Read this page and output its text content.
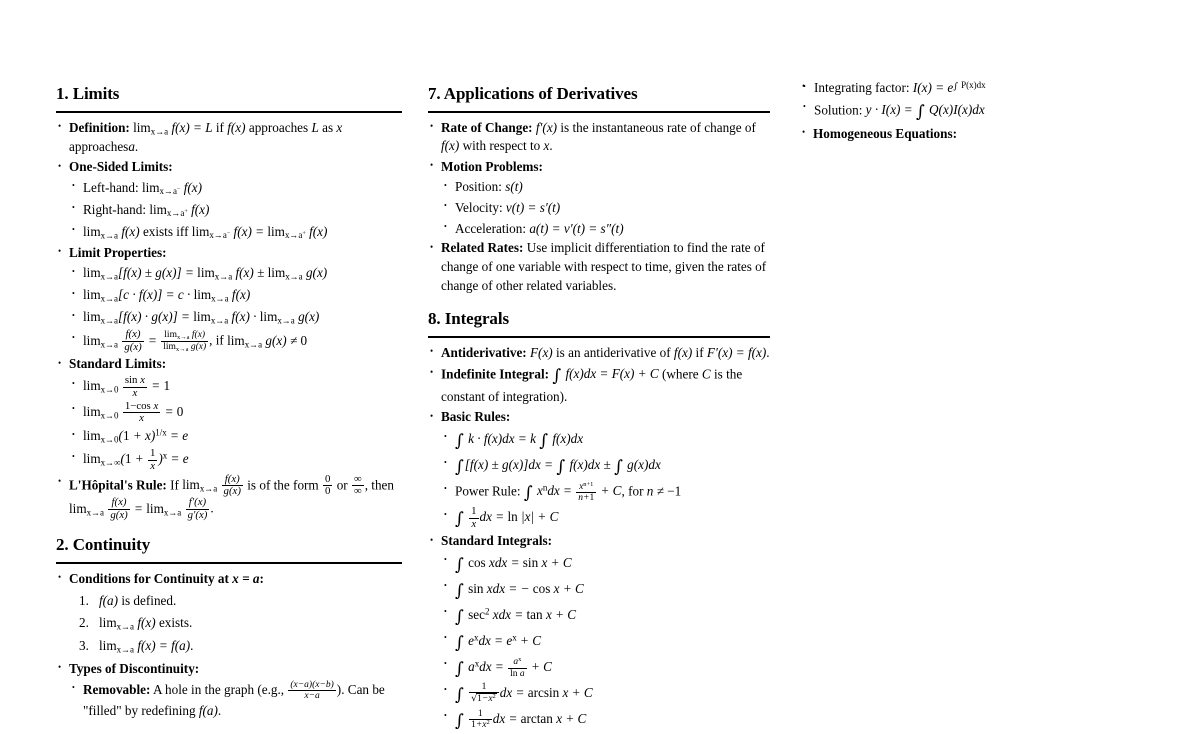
1. Limits
• Definition: $\lim_{x\to a} f(x) = L$ if f(x) approaches L as x approachesa.
• One-Sided Limits:
• Left-hand: $\lim_{x\to a^-} f(x)$
• Right-hand: $\lim_{x\to a^+} f(x)$
• $\lim_{x\to a} f(x)$ exists iff $\lim_{x\to a^-} f(x) = \lim_{x\to a^+} f(x)$
• Limit Properties:
• $\lim_{x\to a}[f(x) \pm g(x)] = \lim_{x\to a} f(x) \pm \lim_{x\to a} g(x)$
• $\lim_{x\to a}[c \cdot f(x)] = c \cdot \lim_{x\to a} f(x)$
• $\lim_{x\to a}[f(x) \cdot g(x)] = \lim_{x\to a} f(x) \cdot \lim_{x\to a} g(x)$
• $\lim_{x\to a} \frac{f(x)}{g(x)} = \frac{\lim_{x\to a} f(x)}{\lim_{x\to a} g(x)}$ , if $\lim_{x\to a} g(x) \ne 0$
• Standard Limits:
• $\lim_{x\to 0} \frac{\text{sin x}}{x} = 1$
• $\lim_{x\to 0} \frac{\text{1−cos x}}{x} = 0$
• $\lim_{x\to 0}(1 + x)^{1/x} = e$
• $\lim_{x\to\infty}(1 + \frac{1}{x} )^x = e$
• L'Hôpital's Rule: If $\lim_{x\to a} \frac{f(x)}{g(x)}$ is of the form $\frac{0}{0}$ or $\frac{\infty}{\infty}$ , then $\lim_{x\to a} \frac{f(x)}{g(x)} = \lim_{x\to a} \frac{f'(x)}{g'(x)}$ .
2. Continuity
• Conditions for Continuity at x = a:
f(a) is defined.
$\lim_{x\to a} f(x)$ exists.
$\lim_{x\to a} f(x) = f(a)$.
• Types of Discontinuity:
• Removable: A hole in the graph (e.g., $\frac{(x-a)(x-b)}{x-a}$ ). Can be "filled" by redefining f(a).
7. Applications of Derivatives
• Rate of Change: f′(x) is the instantaneous rate of change of f(x) with respect to x.
• Motion Problems:
• Position: s(t)
• Velocity: v(t) = s′(t)
• Acceleration: a(t) = v′(t) = s″(t)
• Related Rates: Use implicit differentiation to find the rate of change of one variable with respect to time, given the rates of change of other related variables.
8. Integrals
• Antiderivative: F(x) is an antiderivative of f(x) if F′(x) = f(x).
• Indefinite Integral: ∫ f(x)dx = F(x) + C (where C is the constant of integration).
• Basic Rules:
• ∫ k · f(x)dx = k ∫ f(x)dx
• ∫[f(x) ± g(x)]dx = ∫ f(x)dx ± ∫ g(x)dx
• Power Rule: ∫ $x^ndx = \frac{x^{n+1}}{n+1} + C$, for n ≠ −1
• ∫ $\frac{1}{x}$ dx = ln |x| + C
• Standard Integrals:
• ∫ cos xdx = sin x + C
• ∫ sin xdx = − cos x + C
• ∫ $\sec^2$ xdx = tan x + C
• ∫ $e^xdx = e^x + C$
• ∫ $a^xdx = \frac{a^x}{\text{ln a}} + C$
• ∫ $\frac{1}{√1-x^2}$ dx = arcsin x + C
• ∫ $\frac{1}{1+x^2}$ dx = arctan x + C
• • Integrating factor: $I(x) = e^{\int P(x)dx}$
• Solution: y · I(x) = ∫ Q(x)I(x)dx
• Homogeneous Equations:
